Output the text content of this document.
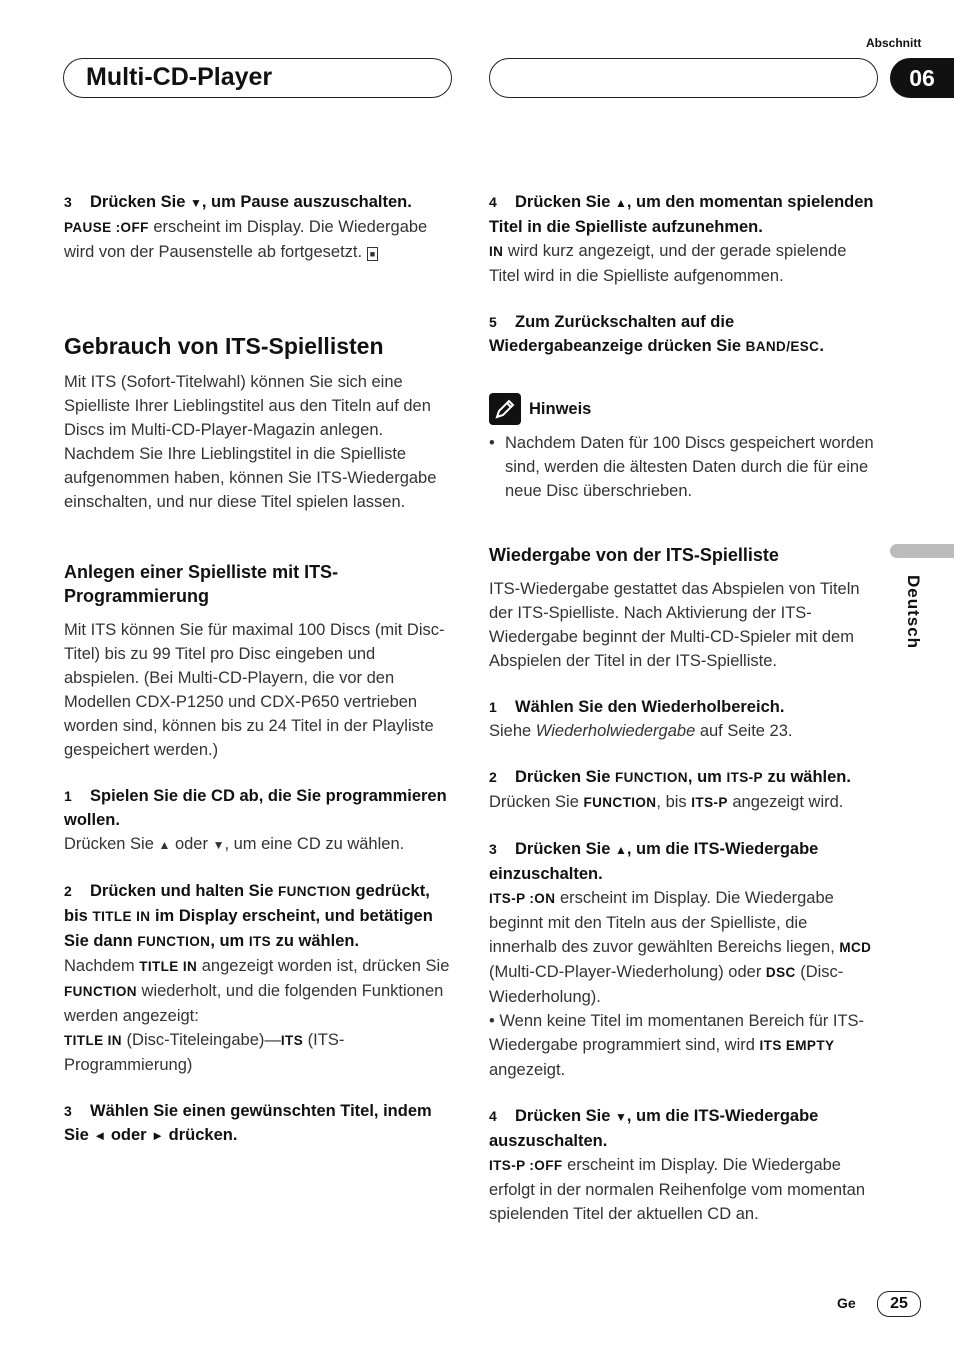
Abschnitt
Multi-CD-Player	06
Deutsch

3 Drücken Sie ▼, um Pause auszuschalten.

PAUSE :OFF erscheint im Display. Die Wiedergabe wird von der Pausenstelle ab fortgesetzt. ■

Gebrauch von ITS-Spiellisten

Mit ITS (Sofort-Titelwahl) können Sie sich eine Spielliste Ihrer Lieblingstitel aus den Titeln auf den Discs im Multi-CD-Player-Magazin anlegen. Nachdem Sie Ihre Lieblingstitel in die Spielliste aufgenommen haben, können Sie ITS-Wiedergabe einschalten, und nur diese Titel spielen lassen.

Anlegen einer Spielliste mit ITS-Programmierung

Mit ITS können Sie für maximal 100 Discs (mit Disc-Titel) bis zu 99 Titel pro Disc eingeben und abspielen. (Bei Multi-CD-Playern, die vor den Modellen CDX-P1250 und CDX-P650 vertrieben worden sind, können bis zu 24 Titel in der Playliste gespeichert werden.)

1 Spielen Sie die CD ab, die Sie programmieren wollen.

Drücken Sie ▲ oder ▼, um eine CD zu wählen.

2 Drücken und halten Sie FUNCTION gedrückt, bis TITLE IN im Display erscheint, und betätigen Sie dann FUNCTION, um ITS zu wählen.

Nachdem TITLE IN angezeigt worden ist, drücken Sie FUNCTION wiederholt, und die folgenden Funktionen werden angezeigt:
TITLE IN (Disc-Titeleingabe)—ITS (ITS-Programmierung)

3 Wählen Sie einen gewünschten Titel, indem Sie ◄ oder ► drücken.

4 Drücken Sie ▲, um den momentan spielenden Titel in die Spielliste aufzunehmen.

IN wird kurz angezeigt, und der gerade spielende Titel wird in die Spielliste aufgenommen.

5 Zum Zurückschalten auf die Wiedergabeanzeige drücken Sie BAND/ESC.

Hinweis
• Nachdem Daten für 100 Discs gespeichert worden sind, werden die ältesten Daten durch die für eine neue Disc überschrieben.

Wiedergabe von der ITS-Spielliste

ITS-Wiedergabe gestattet das Abspielen von Titeln der ITS-Spielliste. Nach Aktivierung der ITS-Wiedergabe beginnt der Multi-CD-Spieler mit dem Abspielen der Titel in der ITS-Spielliste.

1 Wählen Sie den Wiederholbereich.

Siehe Wiederholwiedergabe auf Seite 23.

2 Drücken Sie FUNCTION, um ITS-P zu wählen.

Drücken Sie FUNCTION, bis ITS-P angezeigt wird.

3 Drücken Sie ▲, um die ITS-Wiedergabe einzuschalten.

ITS-P :ON erscheint im Display. Die Wiedergabe beginnt mit den Titeln aus der Spielliste, die innerhalb des zuvor gewählten Bereichs liegen, MCD (Multi-CD-Player-Wiederholung) oder DSC (Disc-Wiederholung).
• Wenn keine Titel im momentanen Bereich für ITS-Wiedergabe programmiert sind, wird ITS EMPTY angezeigt.

4 Drücken Sie ▼, um die ITS-Wiedergabe auszuschalten.

ITS-P :OFF erscheint im Display. Die Wiedergabe erfolgt in der normalen Reihenfolge vom momentan spielenden Titel der aktuellen CD an.

Ge	25
